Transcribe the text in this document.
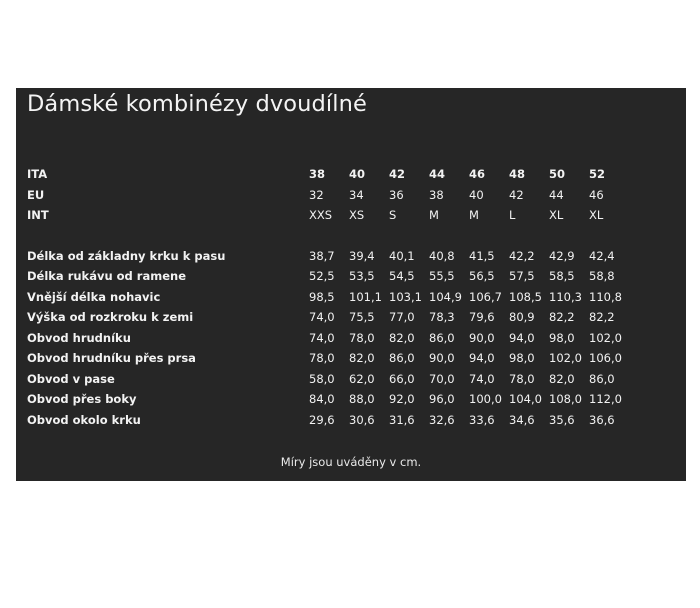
Dámské kombinézy dvoudílné
ITA	38	40	42	44	46	48	50	52
EU	32	34	36	38	40	42	44	46
INT	XXS	XS	S	M	M	L	XL	XL

Délka od základny krku k pasu	38,7	39,4	40,1	40,8	41,5	42,2	42,9	42,4
Délka rukávu od ramene	52,5	53,5	54,5	55,5	56,5	57,5	58,5	58,8
Vnější délka nohavic	98,5	101,1	103,1	104,9	106,7	108,5	110,3	110,8
Výška od rozkroku k zemi	74,0	75,5	77,0	78,3	79,6	80,9	82,2	82,2
Obvod hrudníku	74,0	78,0	82,0	86,0	90,0	94,0	98,0	102,0
Obvod hrudníku přes prsa	78,0	82,0	86,0	90,0	94,0	98,0	102,0	106,0
Obvod v pase	58,0	62,0	66,0	70,0	74,0	78,0	82,0	86,0
Obvod přes boky	84,0	88,0	92,0	96,0	100,0	104,0	108,0	112,0
Obvod okolo krku	29,6	30,6	31,6	32,6	33,6	34,6	35,6	36,6
Míry jsou uváděny v cm.
